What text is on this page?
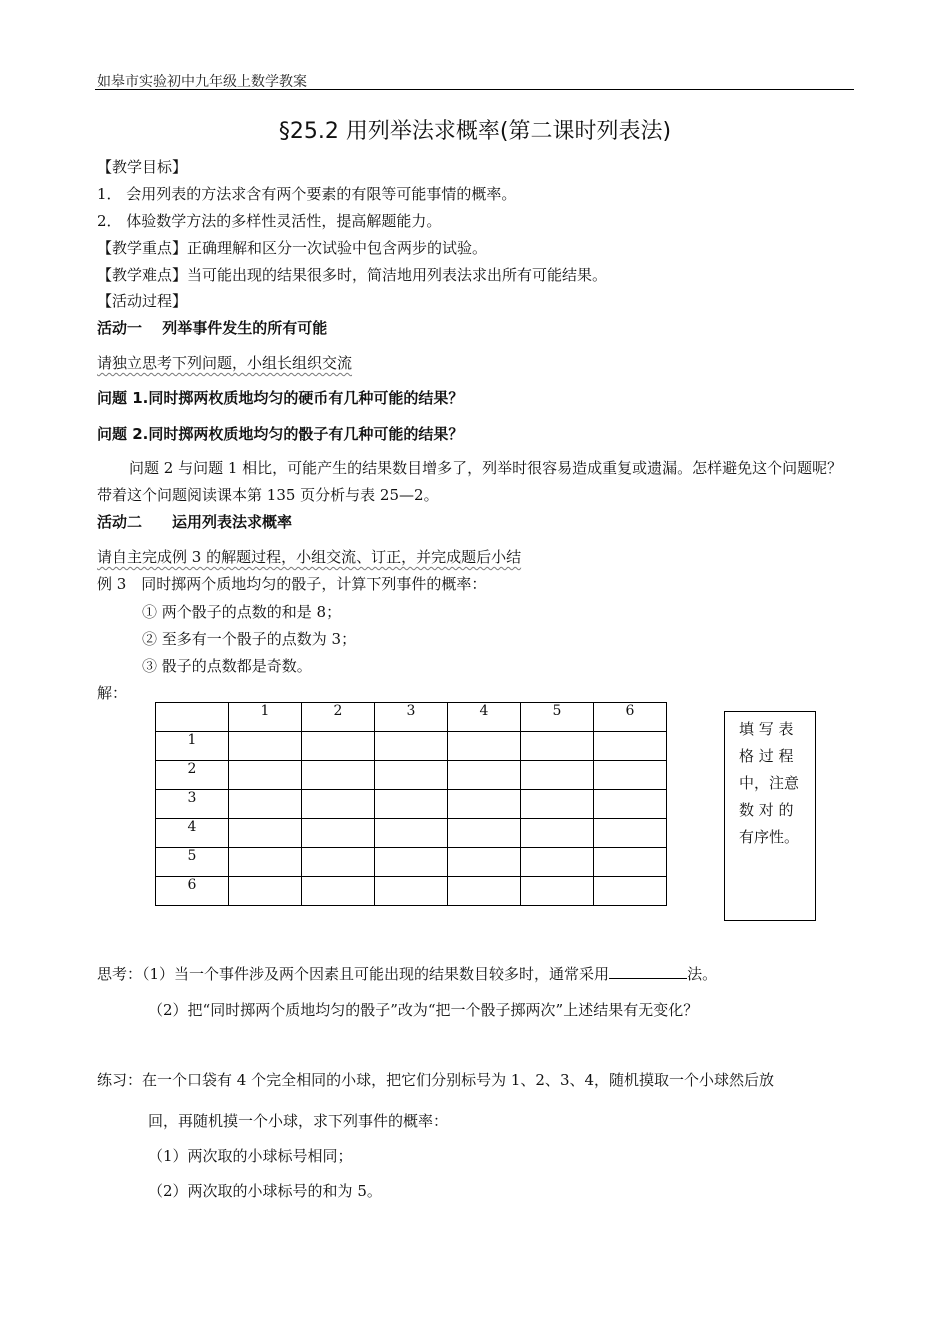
如皋市实验初中九年级上数学教案
§25.2 用列举法求概率(第二课时列表法)
【教学目标】
1． 会用列表的方法求含有两个要素的有限等可能事情的概率。
2． 体验数学方法的多样性灵活性，提高解题能力。
【教学重点】正确理解和区分一次试验中包含两步的试验。
【教学难点】当可能出现的结果很多时，简洁地用列表法求出所有可能结果。
【活动过程】
活动一　 列举事件发生的所有可能
请独立思考下列问题，小组长组织交流
问题 1.同时掷两枚质地均匀的硬币有几种可能的结果？
问题 2.同时掷两枚质地均匀的骰子有几种可能的结果？
问题 2 与问题 1 相比，可能产生的结果数目增多了，列举时很容易造成重复或遗漏。怎样避免这个问题呢？带着这个问题阅读课本第 135 页分析与表 25—2。
活动二　　运用列表法求概率
请自主完成例 3 的解题过程，小组交流、订正，并完成题后小结
例 3　同时掷两个质地均匀的骰子，计算下列事件的概率：
① 两个骰子的点数的和是 8；
② 至多有一个骰子的点数为 3；
③ 骰子的点数都是奇数。
解：
	1	2	3	4	5	6
1						
2						
3						
4						
5						
6						
填 写 表 格 过 程 中，注意 数 对 的 有序性。
思考：（1）当一个事件涉及两个因素且可能出现的结果数目较多时，通常采用	法。
（2）把“同时掷两个质地均匀的骰子”改为“把一个骰子掷两次”上述结果有无变化？
练习：在一个口袋有 4 个完全相同的小球，把它们分别标号为 1、2、3、4，随机摸取一个小球然后放
回，再随机摸一个小球，求下列事件的概率：
（1）两次取的小球标号相同；
（2）两次取的小球标号的和为 5。
